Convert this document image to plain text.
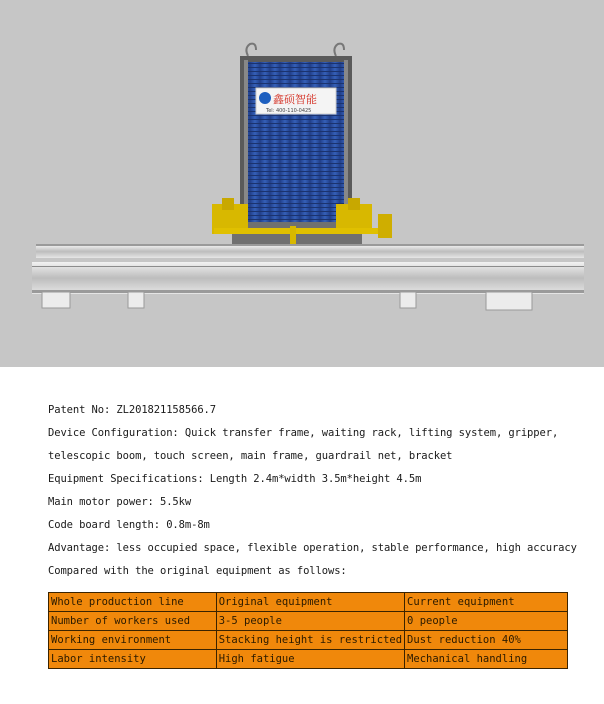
鑫硕智能
Tel: 400-110-0425
Patent No: ZL201821158566.7
Device Configuration: Quick transfer frame, waiting rack, lifting system, gripper,
telescopic boom, touch screen, main frame, guardrail net, bracket
Equipment Specifications: Length 2.4m*width 3.5m*height 4.5m
Main motor power: 5.5kw
Code board length: 0.8m-8m
Advantage: less occupied space, flexible operation, stable performance, high accuracy
Compared with the original equipment as follows:
Whole production line	Original equipment	Current equipment
Number of workers used	3-5 people	0 people
Working environment	Stacking height is restricted	Dust reduction 40%
Labor intensity	High fatigue	Mechanical handling
